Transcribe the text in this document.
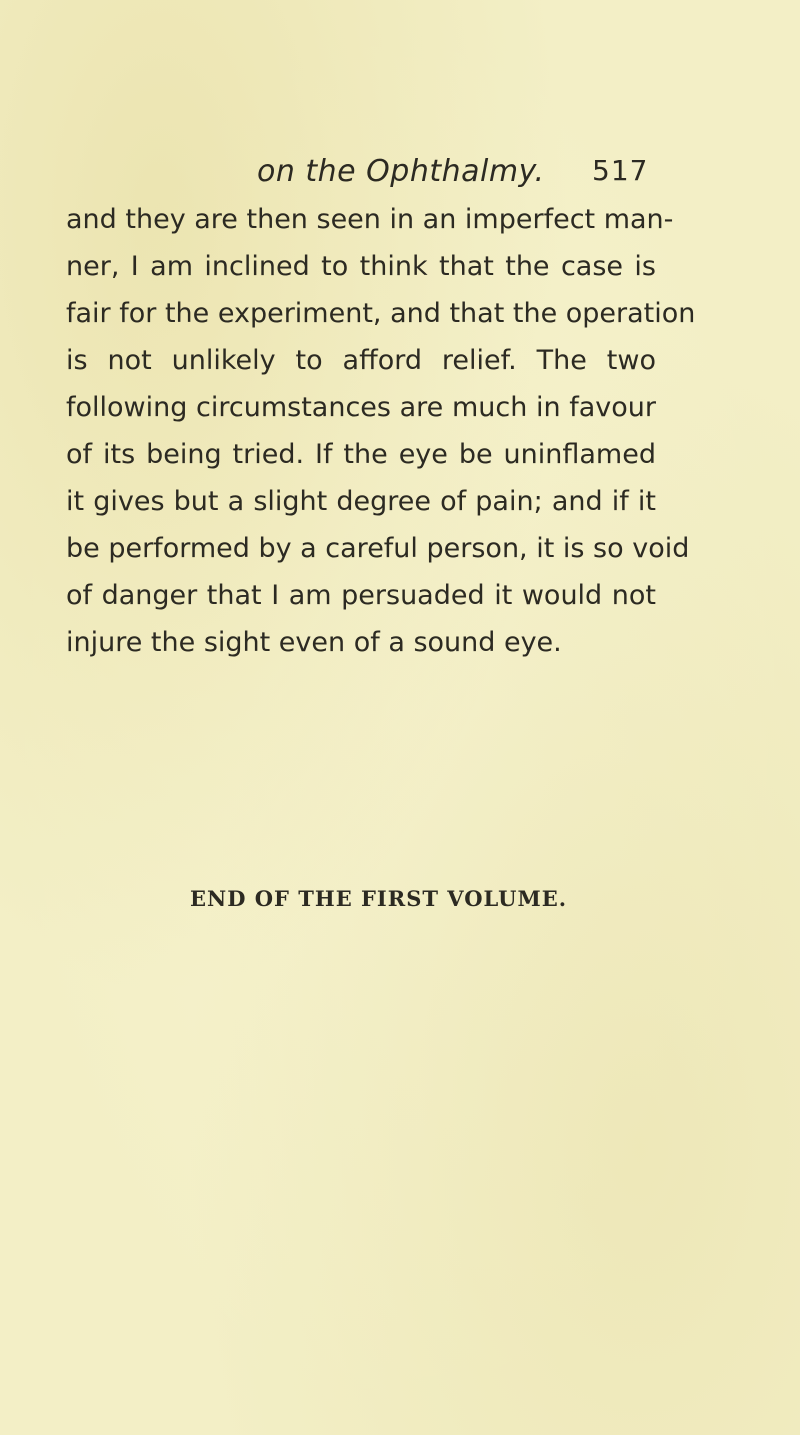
on the Ophthalmy. 517
and they are then seen in an imperfect man-
ner, I am inclined to think that the case is
fair for the experiment, and that the operation
is not unlikely to afford relief. The two
following circumstances are much in favour
of its being tried. If the eye be uninflamed
it gives but a slight degree of pain; and if it
be performed by a careful person, it is so void
of danger that I am persuaded it would not
injure the sight even of a sound eye.
END OF THE FIRST VOLUME.
